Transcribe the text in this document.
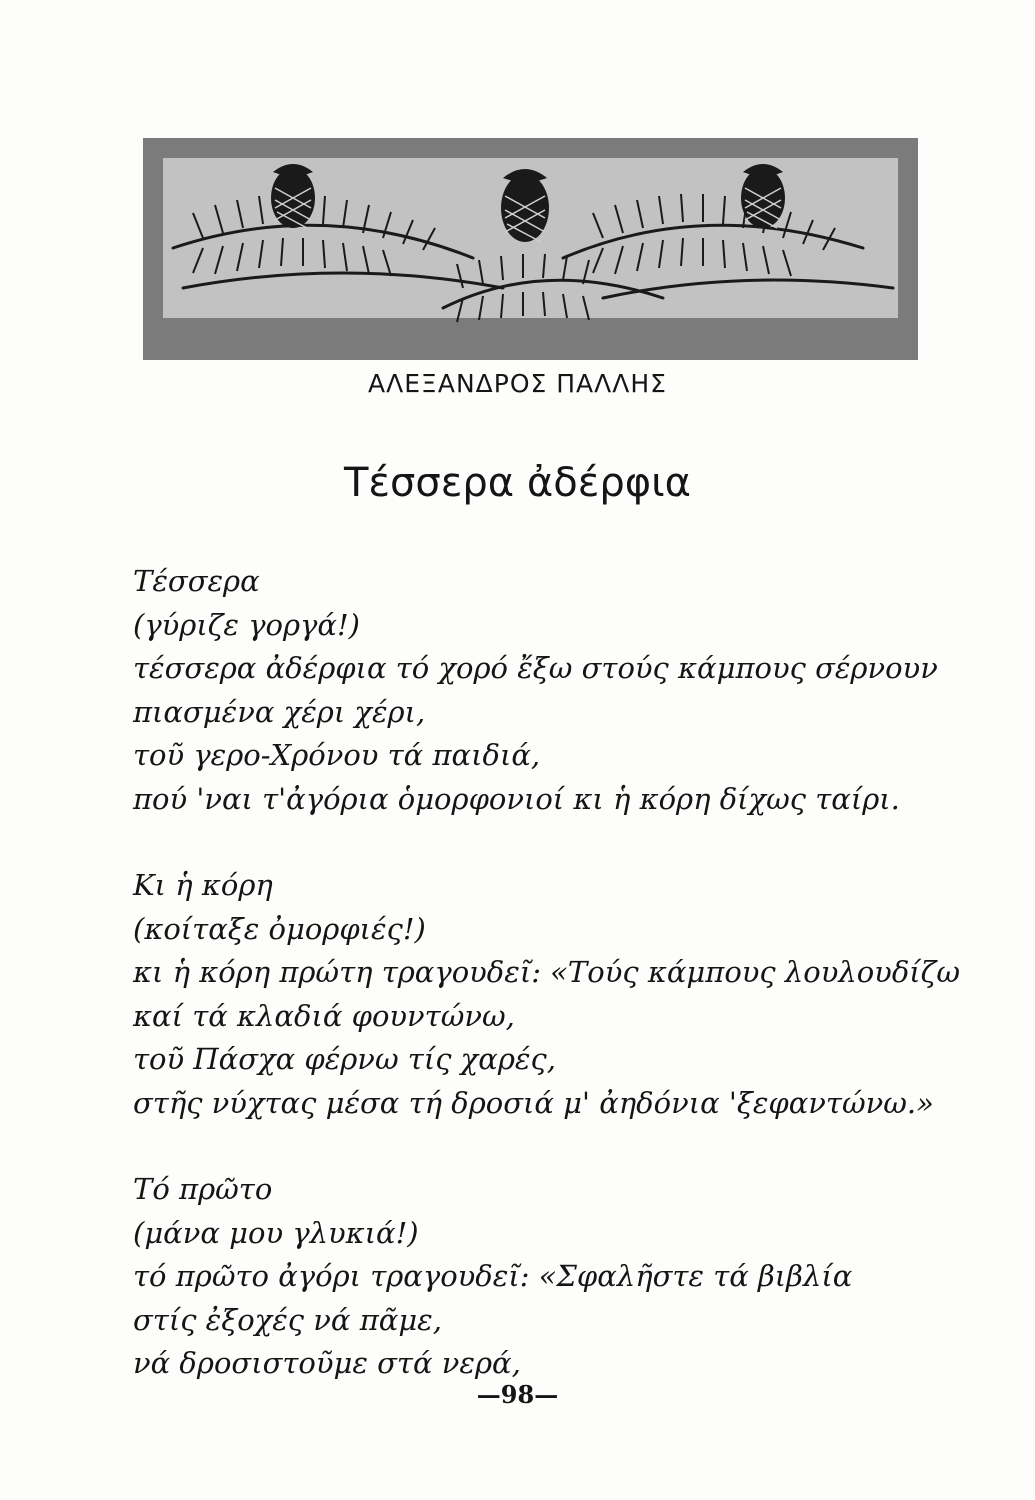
ΑΛΕΞΑΝΔΡΟΣ ΠΑΛΛΗΣ
Τέσσερα ἀδέρφια
Τέσσερα
(γύριζε γοργά!)
τέσσερα ἀδέρφια τό χορό ἔξω στούς κάμπους σέρνουν
πιασμένα χέρι χέρι,
τοῦ γερο-Χρόνου τά παιδιά,
πού 'ναι τ'ἀγόρια ὁμορφονιοί κι ἡ κόρη δίχως ταίρι.
Κι ἡ κόρη
(κοίταξε ὀμορφιές!)
κι ἡ κόρη πρώτη τραγουδεῖ: «Τούς κάμπους λουλουδίζω
καί τά κλαδιά φουντώνω,
τοῦ Πάσχα φέρνω τίς χαρές,
στῆς νύχτας μέσα τή δροσιά μ' ἀηδόνια 'ξεφαντώνω.»
Τό πρῶτο
(μάνα μου γλυκιά!)
τό πρῶτο ἀγόρι τραγουδεῖ: «Σφαλῆστε τά βιβλία
στίς ἐξοχές νά πᾶμε,
νά δροσιστοῦμε στά νερά,
—98—
